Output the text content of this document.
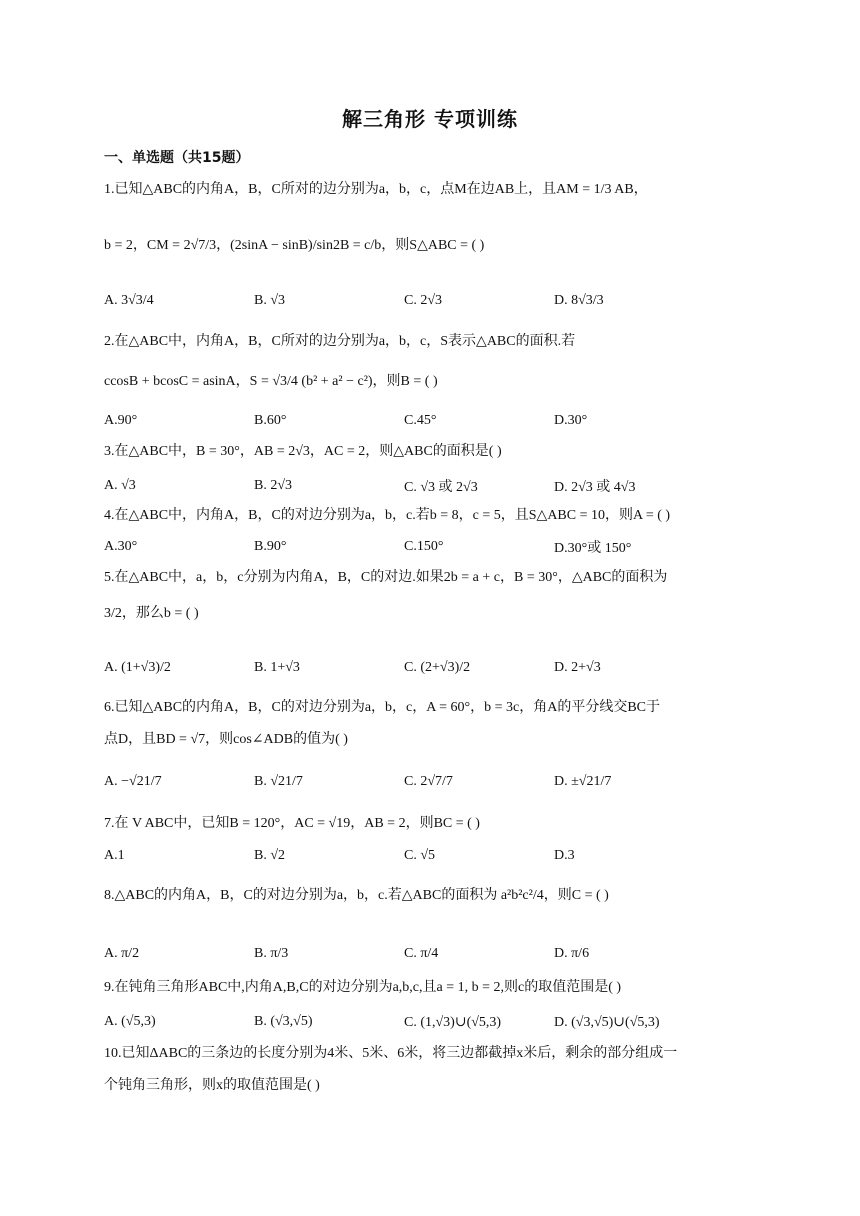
解三角形 专项训练
一、单选题（共15题）
1.已知△ABC的内角A，B，C所对的边分别为a，b，c，点M在边AB上，且AM = 1/3 AB，
b = 2，CM = 2√7/3，(2sinA − sinB)/sin2B = c/b，则S△ABC = ( )
A. 3√3/4	B. √3	C. 2√3	D. 8√3/3
2.在△ABC中，内角A，B，C所对的边分别为a，b，c，S表示△ABC的面积.若
ccosB + bcosC = asinA，S = √3/4 (b² + a² − c²)，则B = ( )
A.90°	B.60°	C.45°	D.30°
3.在△ABC中，B = 30°，AB = 2√3，AC = 2，则△ABC的面积是( )
A. √3	B. 2√3	C. √3 或 2√3	D. 2√3 或 4√3
4.在△ABC中，内角A，B，C的对边分别为a，b，c.若b = 8，c = 5，且S△ABC = 10，则A = ( )
A.30°	B.90°	C.150°	D.30°或 150°
5.在△ABC中，a，b，c分别为内角A，B，C的对边.如果2b = a + c，B = 30°，△ABC的面积为
3/2，那么b = ( )
A. (1+√3)/2	B. 1+√3	C. (2+√3)/2	D. 2+√3
6.已知△ABC的内角A，B，C的对边分别为a，b，c，A = 60°，b = 3c，角A的平分线交BC于
点D，且BD = √7，则cos∠ADB的值为( )
A. −√21/7	B. √21/7	C. 2√7/7	D. ±√21/7
7.在 V ABC中，已知B = 120°，AC = √19，AB = 2，则BC = ( )
A.1	B. √2	C. √5	D.3
8.△ABC的内角A，B，C的对边分别为a，b，c.若△ABC的面积为 a²b²c²/4，则C = ( )
A. π/2	B. π/3	C. π/4	D. π/6
9.在钝角三角形ABC中,内角A,B,C的对边分别为a,b,c,且a = 1, b = 2,则c的取值范围是( )
A. (√5,3)	B. (√3,√5)	C. (1,√3)∪(√5,3)	D. (√3,√5)∪(√5,3)
10.已知ΔABC的三条边的长度分别为4米、5米、6米，将三边都截掉x米后，剩余的部分组成一
个钝角三角形，则x的取值范围是( )
